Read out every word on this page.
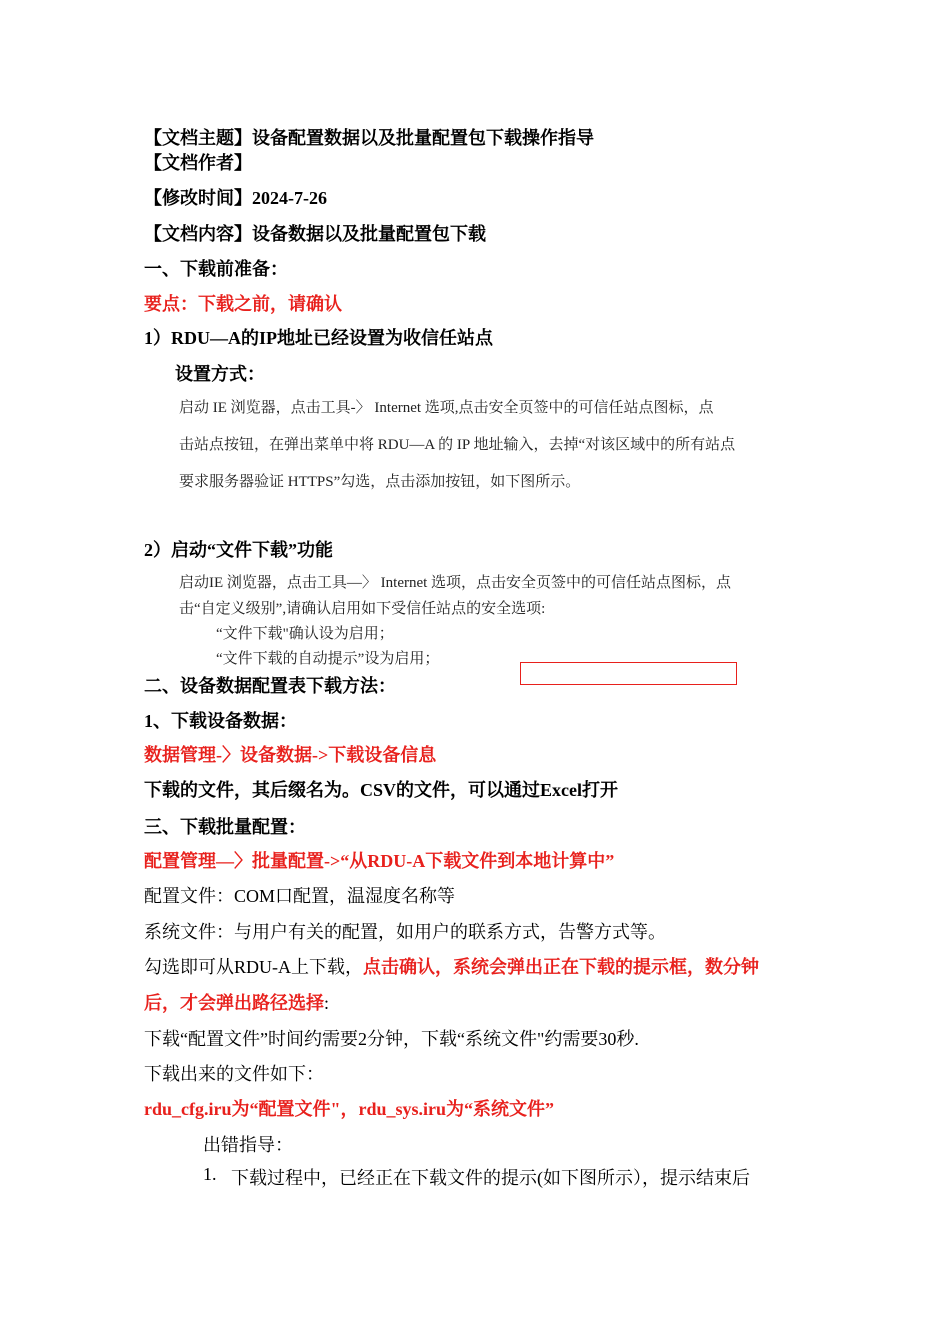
【文档主题】设备配置数据以及批量配置包下载操作指导
【文档作者】
【修改时间】2024-7-26
【文档内容】设备数据以及批量配置包下载
一、下载前准备：
要点：下载之前，请确认
1）RDU—A的IP地址已经设置为收信任站点
设置方式：
启动 IE 浏览器，点击工具-〉 Internet 选项,点击安全页签中的可信任站点图标，点
击站点按钮，在弹出菜单中将 RDU—A 的 IP 地址输入，去掉“对该区域中的所有站点
要求服务器验证 HTTPS”勾选，点击添加按钮，如下图所示。
2）启动“文件下载”功能
启动IE 浏览器，点击工具—〉 Internet 选项，点击安全页签中的可信任站点图标，点
击“自定义级别”,请确认启用如下受信任站点的安全选项:
“文件下载"确认设为启用；
“文件下载的自动提示”设为启用；
二、设备数据配置表下载方法：
1、下载设备数据：
数据管理-〉设备数据->下载设备信息
下载的文件，其后缀名为。CSV的文件，可以通过Excel打开
三、下载批量配置：
配置管理—〉批量配置->“从RDU-A下载文件到本地计算中”
配置文件：COM口配置，温湿度名称等
系统文件：与用户有关的配置，如用户的联系方式，告警方式等。
勾选即可从RDU-A上下载，点击确认，系统会弹出正在下载的提示框，数分钟
后，才会弹出路径选择:
下载“配置文件”时间约需要2分钟，下载“系统文件"约需要30秒.
下载出来的文件如下：
rdu_cfg.iru为“配置文件"，rdu_sys.iru为“系统文件”
出错指导：
1. 下载过程中，已经正在下载文件的提示(如下图所示），提示结束后
